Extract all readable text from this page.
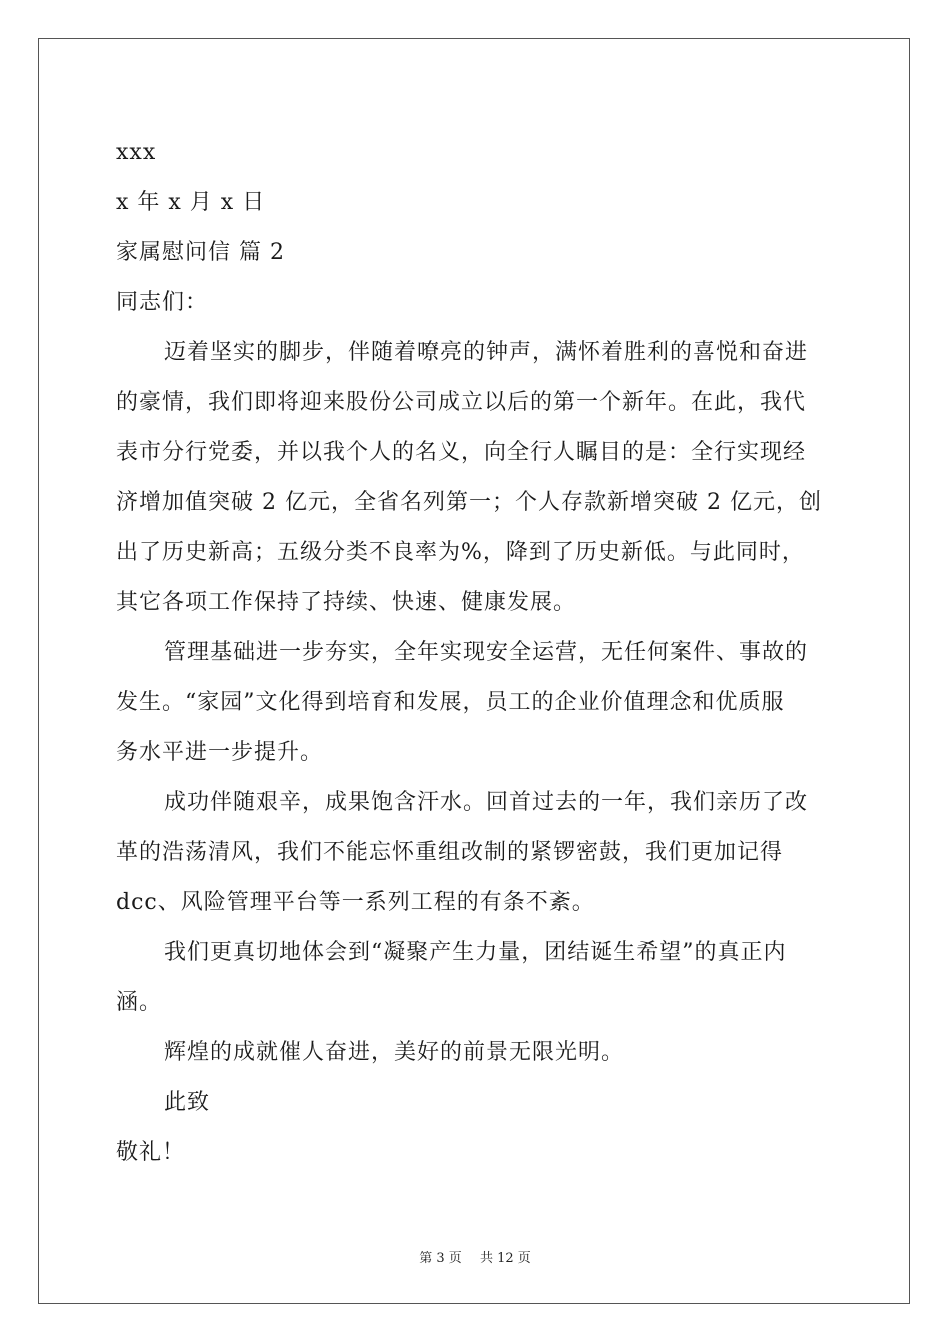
xxx
x 年 x 月 x 日
家属慰问信 篇 2
同志们：
迈着坚实的脚步，伴随着嘹亮的钟声，满怀着胜利的喜悦和奋进
的豪情，我们即将迎来股份公司成立以后的第一个新年。在此，我代
表市分行党委，并以我个人的名义，向全行人瞩目的是：全行实现经
济增加值突破 2 亿元，全省名列第一；个人存款新增突破 2 亿元，创
出了历史新高；五级分类不良率为%，降到了历史新低。与此同时，
其它各项工作保持了持续、快速、健康发展。
管理基础进一步夯实，全年实现安全运营，无任何案件、事故的
发生。“家园”文化得到培育和发展，员工的企业价值理念和优质服
务水平进一步提升。
成功伴随艰辛，成果饱含汗水。回首过去的一年，我们亲历了改
革的浩荡清风，我们不能忘怀重组改制的紧锣密鼓，我们更加记得
dcc、风险管理平台等一系列工程的有条不紊。
我们更真切地体会到“凝聚产生力量，团结诞生希望”的真正内
涵。
辉煌的成就催人奋进，美好的前景无限光明。
此致
敬礼！
第 3 页 共 12 页
